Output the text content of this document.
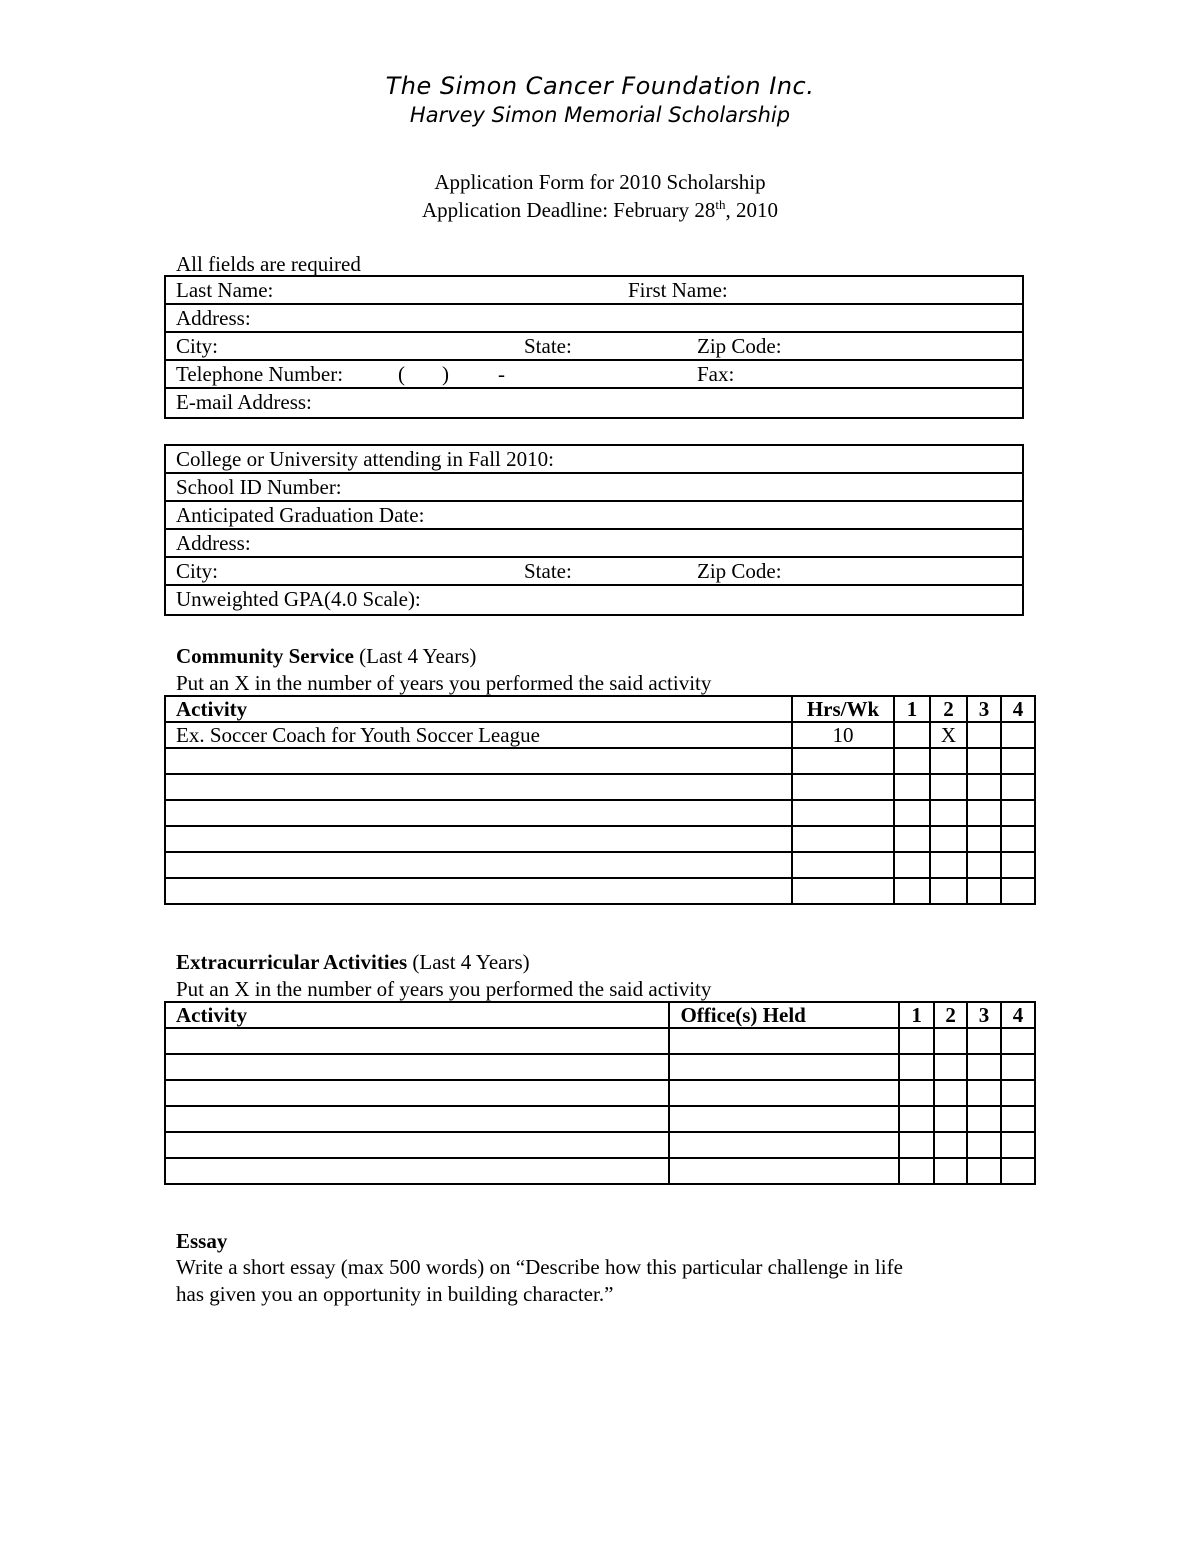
The Simon Cancer Foundation Inc.
Harvey Simon Memorial Scholarship
Application Form for 2010 Scholarship
Application Deadline: February 28th, 2010
All fields are required
Last Name:	First Name:
Address:
City:	State:	Zip Code:
Telephone Number:	( ) -	Fax:
E-mail Address:
College or University attending in Fall 2010:
School ID Number:
Anticipated Graduation Date:
Address:
City:	State:	Zip Code:
Unweighted GPA(4.0 Scale):
Community Service (Last 4 Years)
Put an X in the number of years you performed the said activity
Activity	Hrs/Wk	1	2	3	4
Ex. Soccer Coach for Youth Soccer League	10		X		

Extracurricular Activities (Last 4 Years)
Put an X in the number of years you performed the said activity
Activity	Office(s) Held	1	2	3	4

Essay
Write a short essay (max 500 words) on “Describe how this particular challenge in life
has given you an opportunity in building character.”
